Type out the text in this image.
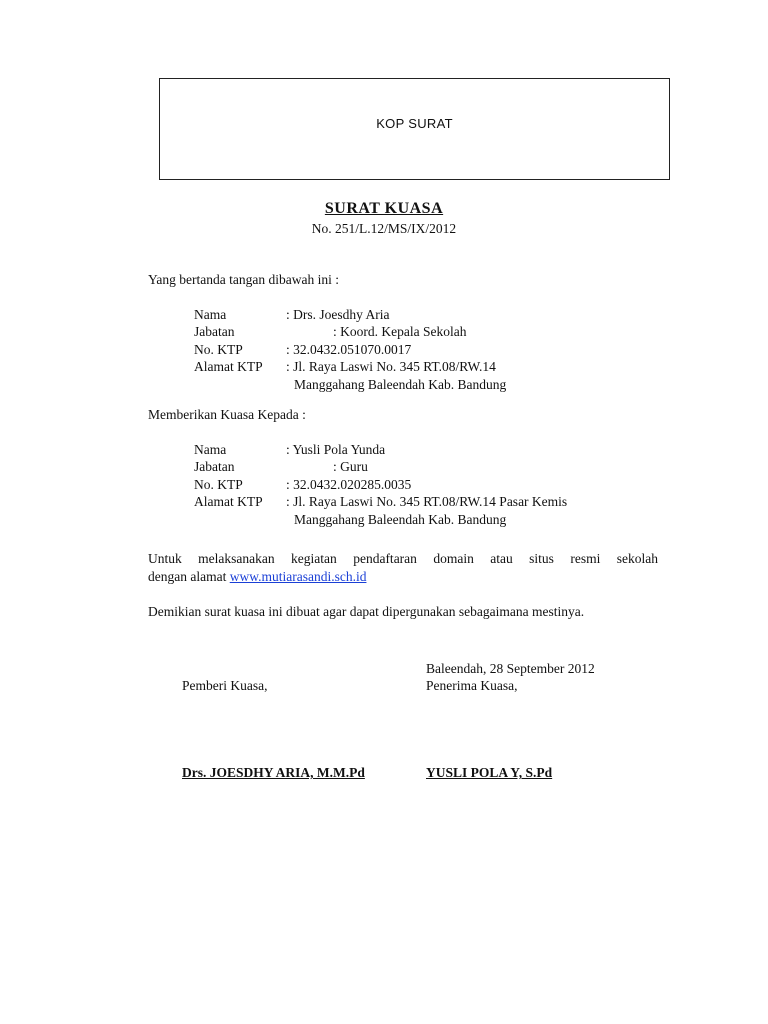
KOP SURAT
SURAT KUASA
No. 251/L.12/MS/IX/2012
Yang bertanda tangan dibawah ini :
Nama	: Drs. Joesdhy Aria
Jabatan	: Koord. Kepala Sekolah
No. KTP	: 32.0432.051070.0017
Alamat KTP : Jl. Raya Laswi No. 345 RT.08/RW.14
Manggahang Baleendah Kab. Bandung
Memberikan Kuasa Kepada :
Nama	: Yusli Pola Yunda
Jabatan	: Guru
No. KTP	: 32.0432.020285.0035
Alamat KTP : Jl. Raya Laswi No. 345 RT.08/RW.14 Pasar Kemis
Manggahang Baleendah Kab. Bandung
Untuk melaksanakan kegiatan pendaftaran domain atau situs resmi sekolah
dengan alamat www.mutiarasandi.sch.id
Demikian surat kuasa ini dibuat agar dapat dipergunakan sebagaimana mestinya.
Baleendah, 28 September 2012
Pemberi Kuasa,	Penerima Kuasa,
Drs. JOESDHY ARIA, M.M.Pd	YUSLI POLA Y, S.Pd
